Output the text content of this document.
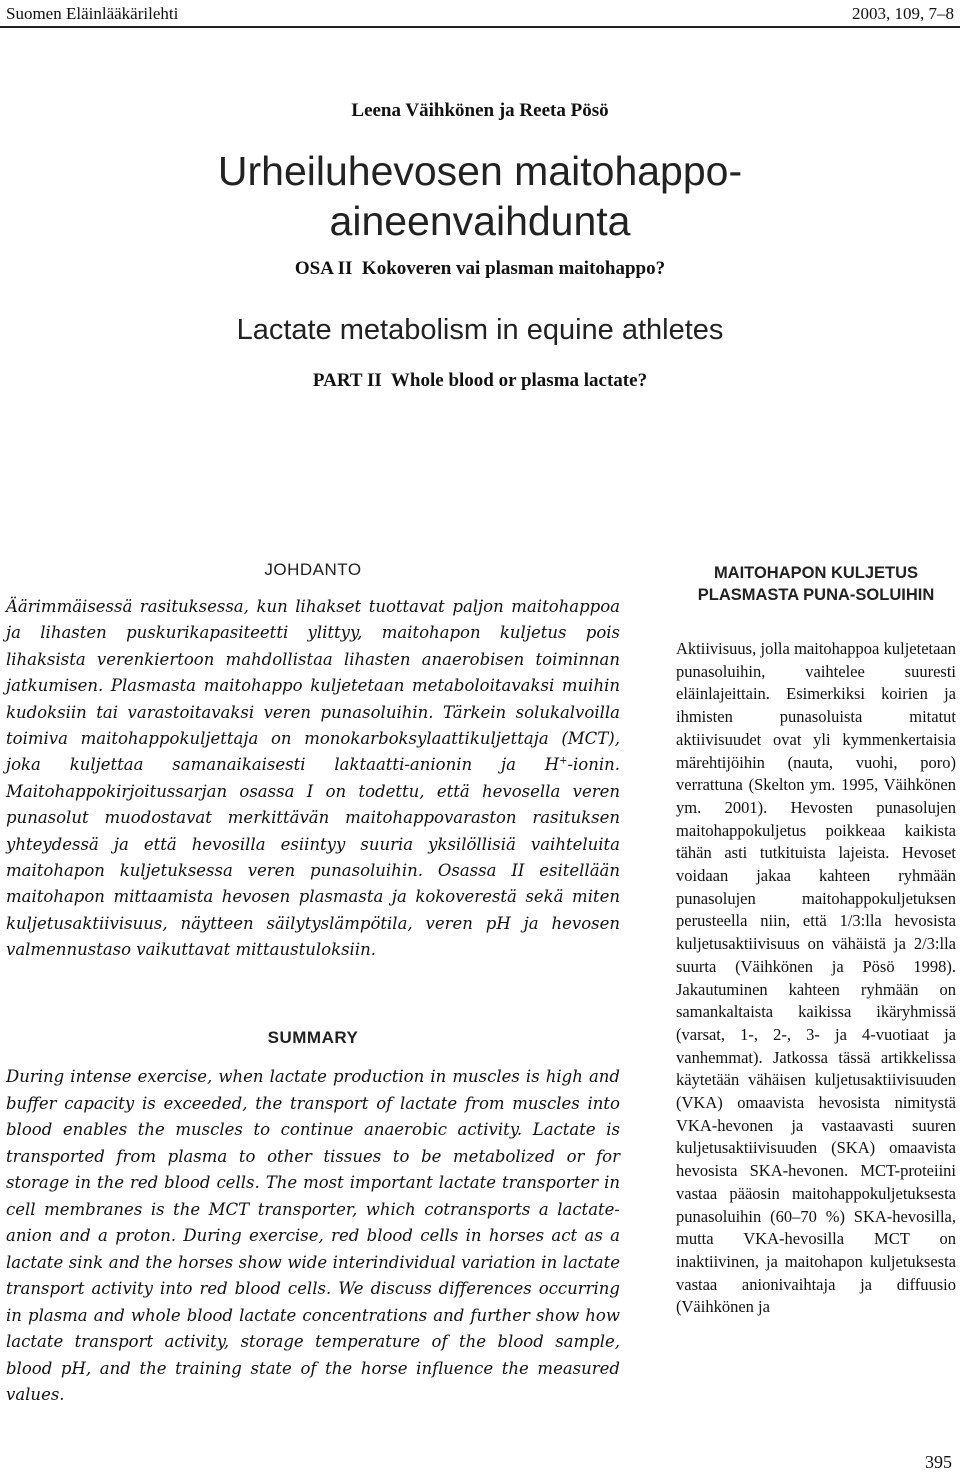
Suomen Eläinlääkärilehti	2003, 109, 7–8
Leena Väihkönen ja Reeta Pösö
Urheiluhevosen maitohappo-aineenvaihdunta
OSA II  Kokoveren vai plasman maitohappo?
Lactate metabolism in equine athletes
PART II  Whole blood or plasma lactate?
JOHDANTO
Äärimmäisessä rasituksessa, kun lihakset tuottavat paljon maitohappoa ja lihasten puskurikapasiteetti ylittyy, maitohapon kuljetus pois lihaksista verenkiertoon mahdollistaa lihasten anaerobisen toiminnan jatkumisen. Plasmasta maitohappo kuljetetaan metaboloitavaksi muihin kudoksiin tai varastoitavaksi veren punasoluihin. Tärkein solukalvoilla toimiva maitohappokuljettaja on monokarboksylaattikuljettaja (MCT), joka kuljettaa samanaikaisesti laktaatti-anionin ja H+-ionin. Maitohappokirjoitussarjan osassa I on todettu, että hevosella veren punasolut muodostavat merkittävän maitohappovaraston rasituksen yhteydessä ja että hevosilla esiintyy suuria yksilöllisiä vaihteluita maitohapon kuljetuksessa veren punasoluihin. Osassa II esitellään maitohapon mittaamista hevosen plasmasta ja kokoverestä sekä miten kuljetusaktiivisuus, näytteen säilytyslämpötila, veren pH ja hevosen valmennustaso vaikuttavat mittaustuloksiin.
SUMMARY
During intense exercise, when lactate production in muscles is high and buffer capacity is exceeded, the transport of lactate from muscles into blood enables the muscles to continue anaerobic activity. Lactate is transported from plasma to other tissues to be metabolized or for storage in the red blood cells. The most important lactate transporter in cell membranes is the MCT transporter, which cotransports a lactate-anion and a proton. During exercise, red blood cells in horses act as a lactate sink and the horses show wide interindividual variation in lactate transport activity into red blood cells. We discuss differences occurring in plasma and whole blood lactate concentrations and further show how lactate transport activity, storage temperature of the blood sample, blood pH, and the training state of the horse influence the measured values.
MAITOHAPON KULJETUS PLASMASTA PUNA-SOLUIHIN
Aktiivisuus, jolla maitohappoa kuljetetaan punasoluihin, vaihtelee suuresti eläinlajeittain. Esimerkiksi koirien ja ihmisten punasoluista mitatut aktiivisuudet ovat yli kymmenkertaisia märehtijöihin (nauta, vuohi, poro) verrattuna (Skelton ym. 1995, Väihkönen ym. 2001). Hevosten punasolujen maitohappokuljetus poikkeaa kaikista tähän asti tutkituista lajeista. Hevoset voidaan jakaa kahteen ryhmään punasolujen maitohappokuljetuksen perusteella niin, että 1/3:lla hevosista kuljetusaktiivisuus on vähäistä ja 2/3:lla suurta (Väihkönen ja Pösö 1998). Jakautuminen kahteen ryhmään on samankaltaista kaikissa ikäryhmissä (varsat, 1-, 2-, 3- ja 4-vuotiaat ja vanhemmat). Jatkossa tässä artikkelissa käytetään vähäisen kuljetusaktiivisuuden (VKA) omaavista hevosista nimitystä VKA-hevonen ja vastaavasti suuren kuljetusaktiivisuuden (SKA) omaavista hevosista SKA-hevonen. MCT-proteiini vastaa pääosin maitohappokuljetuksesta punasoluihin (60–70 %) SKA-hevosilla, mutta VKA-hevosilla MCT on inaktiivinen, ja maitohapon kuljetuksesta vastaa anionivaihtaja ja diffuusio (Väihkönen ja
395
